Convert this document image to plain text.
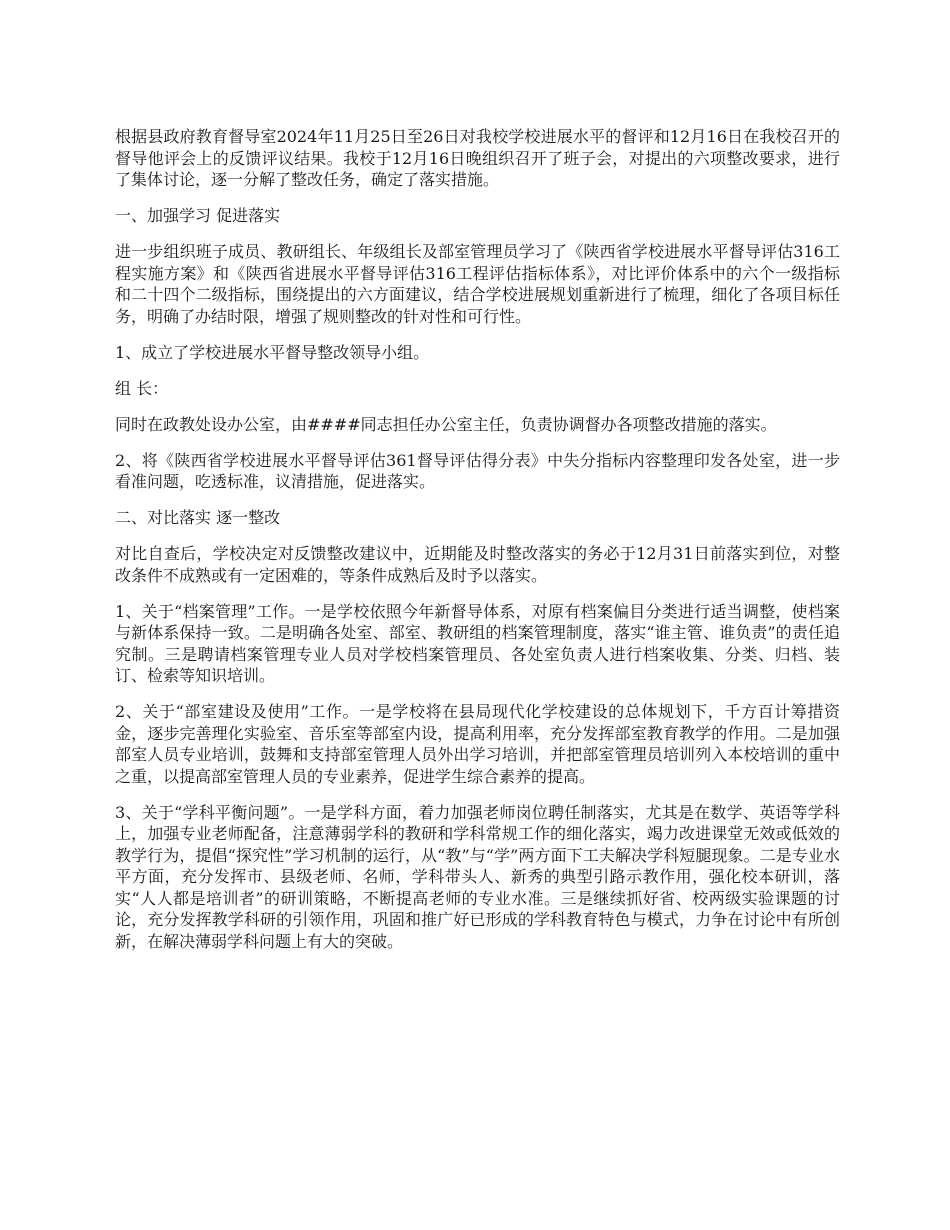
根据县政府教育督导室2024年11月25日至26日对我校学校进展水平的督评和12月16日在我校召开的督导他评会上的反馈评议结果。我校于12月16日晚组织召开了班子会，对提出的六项整改要求，进行了集体讨论，逐一分解了整改任务，确定了落实措施。

一、加强学习 促进落实

进一步组织班子成员、教研组长、年级组长及部室管理员学习了《陕西省学校进展水平督导评估316工程实施方案》和《陕西省进展水平督导评估316工程评估指标体系》，对比评价体系中的六个一级指标和二十四个二级指标，围绕提出的六方面建议，结合学校进展规划重新进行了梳理，细化了各项目标任务，明确了办结时限，增强了规则整改的针对性和可行性。

1、成立了学校进展水平督导整改领导小组。

组 长：

同时在政教处设办公室，由####同志担任办公室主任，负责协调督办各项整改措施的落实。

2、将《陕西省学校进展水平督导评估361督导评估得分表》中失分指标内容整理印发各处室，进一步看准问题，吃透标准，议清措施，促进落实。

二、对比落实 逐一整改

对比自查后，学校决定对反馈整改建议中，近期能及时整改落实的务必于12月31日前落实到位，对整改条件不成熟或有一定困难的，等条件成熟后及时予以落实。

1、关于“档案管理”工作。一是学校依照今年新督导体系，对原有档案偏目分类进行适当调整，使档案与新体系保持一致。二是明确各处室、部室、教研组的档案管理制度，落实“谁主管、谁负责”的责任追究制。三是聘请档案管理专业人员对学校档案管理员、各处室负责人进行档案收集、分类、归档、装订、检索等知识培训。

2、关于“部室建设及使用”工作。一是学校将在县局现代化学校建设的总体规划下，千方百计筹措资金，逐步完善理化实验室、音乐室等部室内设，提高利用率，充分发挥部室教育教学的作用。二是加强部室人员专业培训，鼓舞和支持部室管理人员外出学习培训，并把部室管理员培训列入本校培训的重中之重，以提高部室管理人员的专业素养，促进学生综合素养的提高。

3、关于“学科平衡问题”。一是学科方面，着力加强老师岗位聘任制落实，尤其是在数学、英语等学科上，加强专业老师配备，注意薄弱学科的教研和学科常规工作的细化落实，竭力改进课堂无效或低效的教学行为，提倡“探究性”学习机制的运行，从“教”与“学”两方面下工夫解决学科短腿现象。二是专业水平方面，充分发挥市、县级老师、名师，学科带头人、新秀的典型引路示教作用，强化校本研训，落实“人人都是培训者”的研训策略，不断提高老师的专业水准。三是继续抓好省、校两级实验课题的讨论，充分发挥教学科研的引领作用，巩固和推广好已形成的学科教育特色与模式，力争在讨论中有所创新，在解决薄弱学科问题上有大的突破。
